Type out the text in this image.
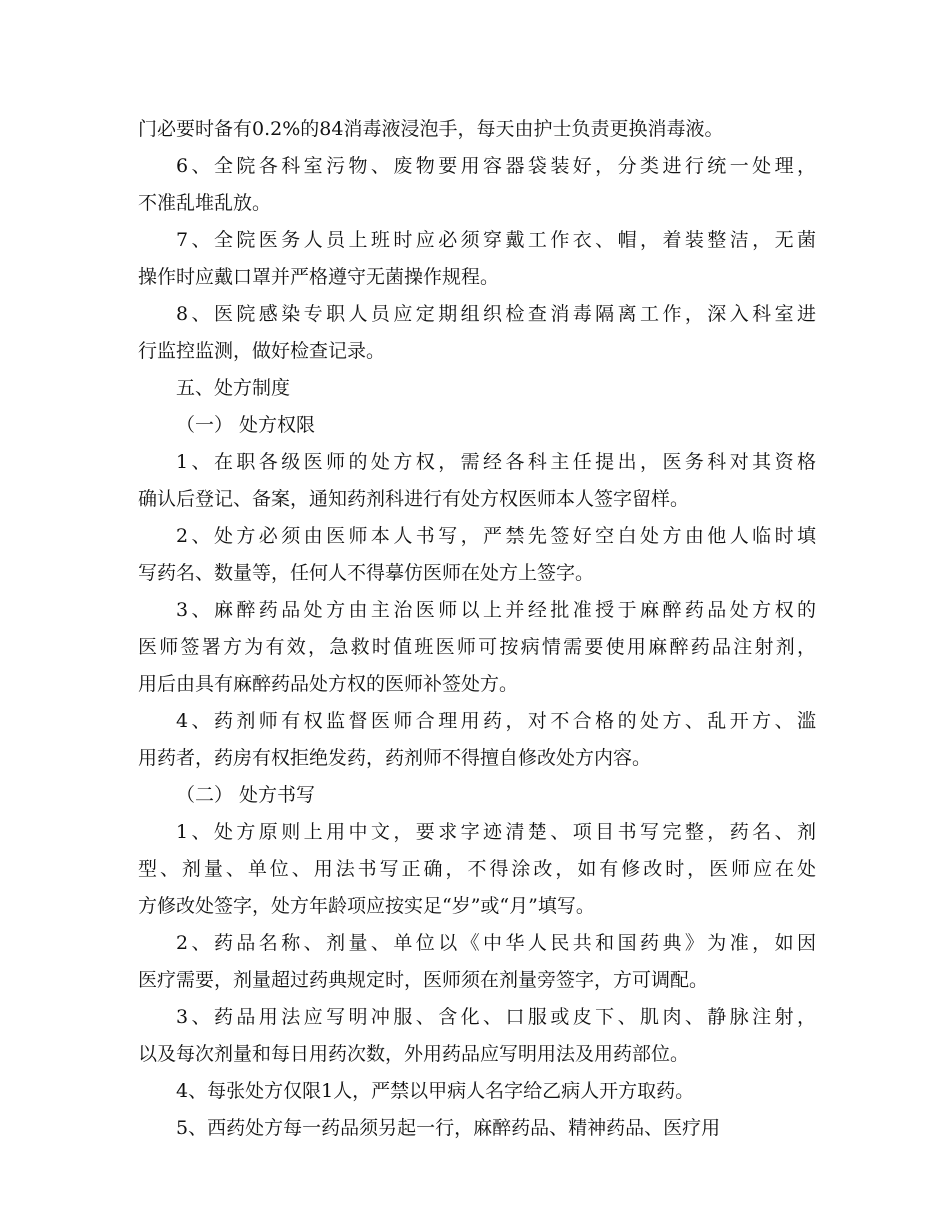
门必要时备有0.2%的84消毒液浸泡手，每天由护士负责更换消毒液。
6、全院各科室污物、废物要用容器袋装好，分类进行统一处理，
不准乱堆乱放。
7、全院医务人员上班时应必须穿戴工作衣、帽，着装整洁，无菌
操作时应戴口罩并严格遵守无菌操作规程。
8、医院感染专职人员应定期组织检查消毒隔离工作，深入科室进
行监控监测，做好检查记录。
五、处方制度
（一） 处方权限
1、在职各级医师的处方权，需经各科主任提出，医务科对其资格
确认后登记、备案，通知药剂科进行有处方权医师本人签字留样。
2、处方必须由医师本人书写，严禁先签好空白处方由他人临时填
写药名、数量等，任何人不得摹仿医师在处方上签字。
3、麻醉药品处方由主治医师以上并经批准授于麻醉药品处方权的
医师签署方为有效，急救时值班医师可按病情需要使用麻醉药品注射剂，
用后由具有麻醉药品处方权的医师补签处方。
4、药剂师有权监督医师合理用药，对不合格的处方、乱开方、滥
用药者，药房有权拒绝发药，药剂师不得擅自修改处方内容。
（二） 处方书写
1、处方原则上用中文，要求字迹清楚、项目书写完整，药名、剂
型、剂量、单位、用法书写正确，不得涂改，如有修改时，医师应在处
方修改处签字，处方年龄项应按实足“岁”或“月”填写。
2、药品名称、剂量、单位以《中华人民共和国药典》为准，如因
医疗需要，剂量超过药典规定时，医师须在剂量旁签字，方可调配。
3、药品用法应写明冲服、含化、口服或皮下、肌肉、静脉注射，
以及每次剂量和每日用药次数，外用药品应写明用法及用药部位。
4、每张处方仅限1人，严禁以甲病人名字给乙病人开方取药。
5、西药处方每一药品须另起一行，麻醉药品、精神药品、医疗用
